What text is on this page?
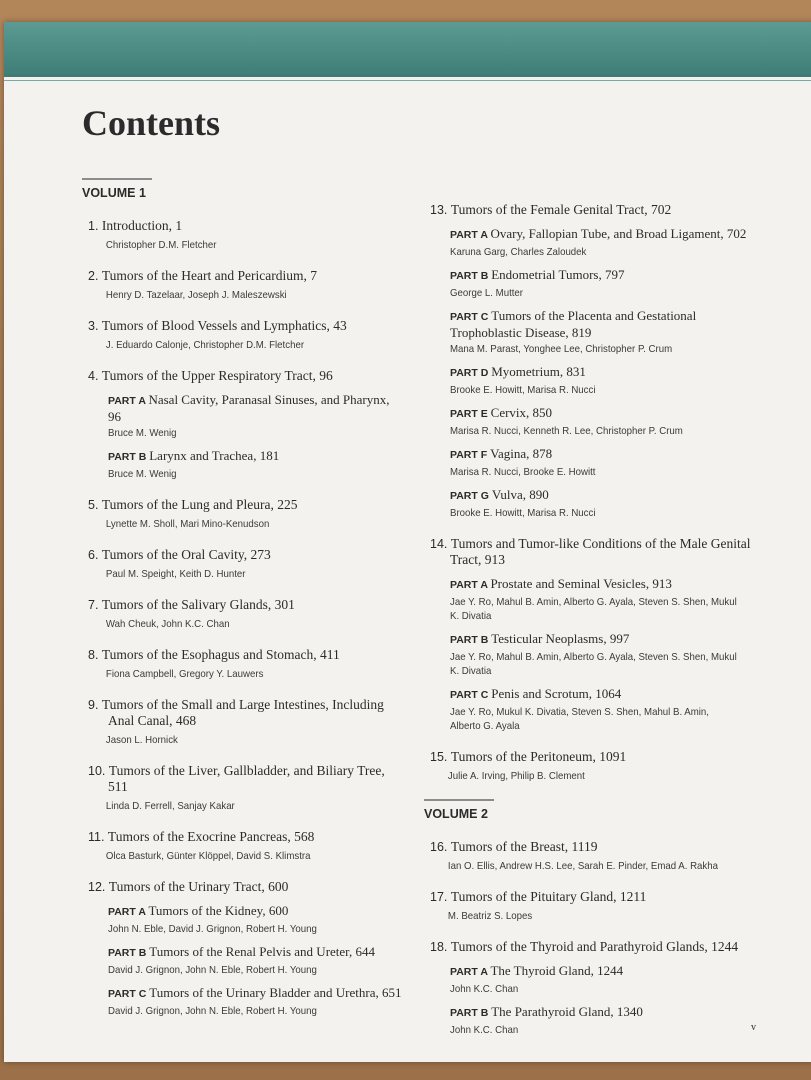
Contents
VOLUME 1
1. Introduction, 1
Christopher D.M. Fletcher
2. Tumors of the Heart and Pericardium, 7
Henry D. Tazelaar, Joseph J. Maleszewski
3. Tumors of Blood Vessels and Lymphatics, 43
J. Eduardo Calonje, Christopher D.M. Fletcher
4. Tumors of the Upper Respiratory Tract, 96
PART A Nasal Cavity, Paranasal Sinuses, and Pharynx, 96
Bruce M. Wenig
PART B Larynx and Trachea, 181
Bruce M. Wenig
5. Tumors of the Lung and Pleura, 225
Lynette M. Sholl, Mari Mino-Kenudson
6. Tumors of the Oral Cavity, 273
Paul M. Speight, Keith D. Hunter
7. Tumors of the Salivary Glands, 301
Wah Cheuk, John K.C. Chan
8. Tumors of the Esophagus and Stomach, 411
Fiona Campbell, Gregory Y. Lauwers
9. Tumors of the Small and Large Intestines, Including Anal Canal, 468
Jason L. Hornick
10. Tumors of the Liver, Gallbladder, and Biliary Tree, 511
Linda D. Ferrell, Sanjay Kakar
11. Tumors of the Exocrine Pancreas, 568
Olca Basturk, Günter Klöppel, David S. Klimstra
12. Tumors of the Urinary Tract, 600
PART A Tumors of the Kidney, 600
John N. Eble, David J. Grignon, Robert H. Young
PART B Tumors of the Renal Pelvis and Ureter, 644
David J. Grignon, John N. Eble, Robert H. Young
PART C Tumors of the Urinary Bladder and Urethra, 651
David J. Grignon, John N. Eble, Robert H. Young
13. Tumors of the Female Genital Tract, 702
PART A Ovary, Fallopian Tube, and Broad Ligament, 702
Karuna Garg, Charles Zaloudek
PART B Endometrial Tumors, 797
George L. Mutter
PART C Tumors of the Placenta and Gestational Trophoblastic Disease, 819
Mana M. Parast, Yonghee Lee, Christopher P. Crum
PART D Myometrium, 831
Brooke E. Howitt, Marisa R. Nucci
PART E Cervix, 850
Marisa R. Nucci, Kenneth R. Lee, Christopher P. Crum
PART F Vagina, 878
Marisa R. Nucci, Brooke E. Howitt
PART G Vulva, 890
Brooke E. Howitt, Marisa R. Nucci
14. Tumors and Tumor-like Conditions of the Male Genital Tract, 913
PART A Prostate and Seminal Vesicles, 913
Jae Y. Ro, Mahul B. Amin, Alberto G. Ayala, Steven S. Shen, Mukul K. Divatia
PART B Testicular Neoplasms, 997
Jae Y. Ro, Mahul B. Amin, Alberto G. Ayala, Steven S. Shen, Mukul K. Divatia
PART C Penis and Scrotum, 1064
Jae Y. Ro, Mukul K. Divatia, Steven S. Shen, Mahul B. Amin, Alberto G. Ayala
15. Tumors of the Peritoneum, 1091
Julie A. Irving, Philip B. Clement
VOLUME 2
16. Tumors of the Breast, 1119
Ian O. Ellis, Andrew H.S. Lee, Sarah E. Pinder, Emad A. Rakha
17. Tumors of the Pituitary Gland, 1211
M. Beatriz S. Lopes
18. Tumors of the Thyroid and Parathyroid Glands, 1244
PART A The Thyroid Gland, 1244
John K.C. Chan
PART B The Parathyroid Gland, 1340
John K.C. Chan	v
